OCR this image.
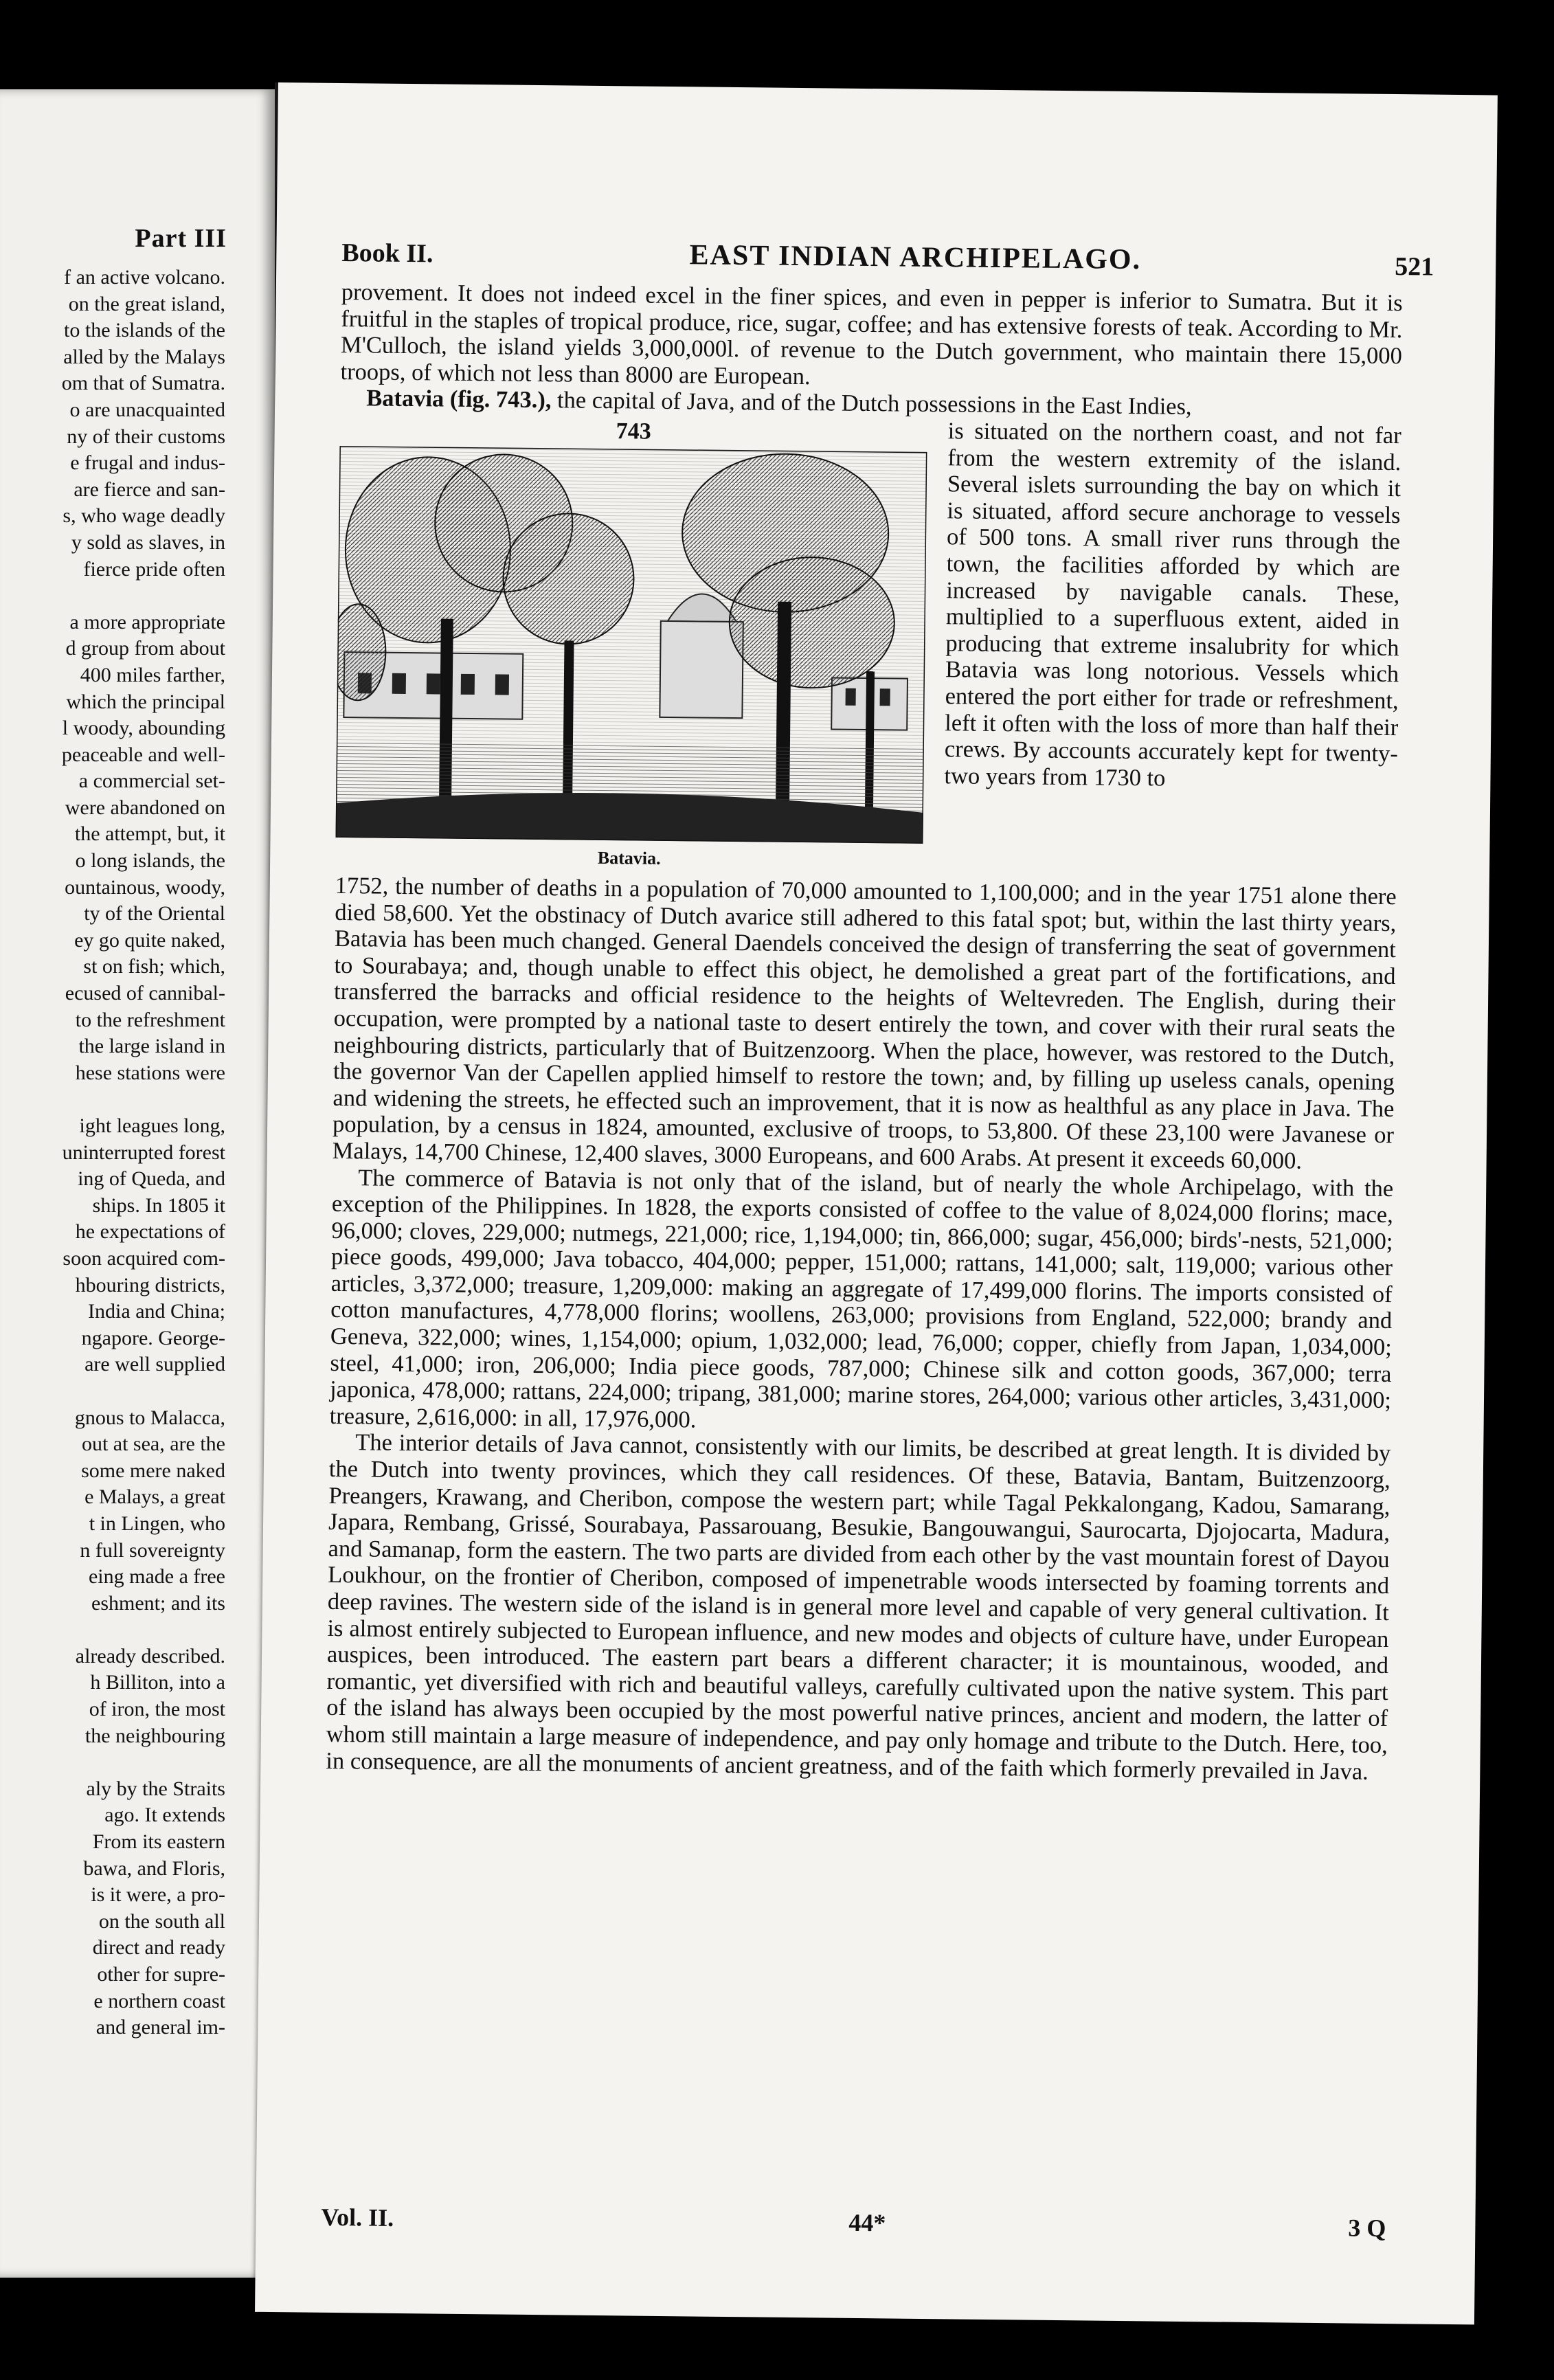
Part III
f an active volcano.
on the great island,
to the islands of the
alled by the Malays
om that of Sumatra.
o are unacquainted
ny of their customs
e frugal and indus-
are fierce and san-
s, who wage deadly
y sold as slaves, in
fierce pride often
a more appropriate
d group from about
400 miles farther,
which the principal
l woody, abounding
peaceable and well-
a commercial set-
were abandoned on
the attempt, but, it
o long islands, the
ountainous, woody,
ty of the Oriental
ey go quite naked,
st on fish; which,
ecused of cannibal-
to the refreshment
the large island in
hese stations were
ight leagues long,
uninterrupted forest
ing of Queda, and
ships. In 1805 it
he expectations of
soon acquired com-
hbouring districts,
India and China;
ngapore. George-
are well supplied
gnous to Malacca,
out at sea, are the
some mere naked
e Malays, a great
t in Lingen, who
n full sovereignty
eing made a free
eshment; and its
already described.
h Billiton, into a
of iron, the most
the neighbouring
aly by the Straits
ago. It extends
From its eastern
bawa, and Floris,
is it were, a pro-
on the south all
direct and ready
other for supre-
e northern coast
and general im-
Book II.	EAST INDIAN ARCHIPELAGO.	521

provement. It does not indeed excel in the finer spices, and even in pepper is inferior to Sumatra. But it is fruitful in the staples of tropical produce, rice, sugar, coffee; and has extensive forests of teak. According to Mr. M'Culloch, the island yields 3,000,000l. of revenue to the Dutch government, who maintain there 15,000 troops, of which not less than 8000 are European.

Batavia (fig. 743.), the capital of Java, and of the Dutch possessions in the East Indies,

743
Batavia.

is situated on the northern coast, and not far from the western extremity of the island. Several islets surrounding the bay on which it is situated, afford secure anchorage to vessels of 500 tons. A small river runs through the town, the facilities afforded by which are increased by navigable canals. These, multiplied to a superfluous extent, aided in producing that extreme insalubrity for which Batavia was long notorious. Vessels which entered the port either for trade or refreshment, left it often with the loss of more than half their crews. By accounts accurately kept for twenty-two years from 1730 to

1752, the number of deaths in a population of 70,000 amounted to 1,100,000; and in the year 1751 alone there died 58,600. Yet the obstinacy of Dutch avarice still adhered to this fatal spot; but, within the last thirty years, Batavia has been much changed. General Daendels conceived the design of transferring the seat of government to Sourabaya; and, though unable to effect this object, he demolished a great part of the fortifications, and transferred the barracks and official residence to the heights of Weltevreden. The English, during their occupation, were prompted by a national taste to desert entirely the town, and cover with their rural seats the neighbouring districts, particularly that of Buitzenzoorg. When the place, however, was restored to the Dutch, the governor Van der Capellen applied himself to restore the town; and, by filling up useless canals, opening and widening the streets, he effected such an improvement, that it is now as healthful as any place in Java. The population, by a census in 1824, amounted, exclusive of troops, to 53,800. Of these 23,100 were Javanese or Malays, 14,700 Chinese, 12,400 slaves, 3000 Europeans, and 600 Arabs. At present it exceeds 60,000.

The commerce of Batavia is not only that of the island, but of nearly the whole Archipelago, with the exception of the Philippines. In 1828, the exports consisted of coffee to the value of 8,024,000 florins; mace, 96,000; cloves, 229,000; nutmegs, 221,000; rice, 1,194,000; tin, 866,000; sugar, 456,000; birds'-nests, 521,000; piece goods, 499,000; Java tobacco, 404,000; pepper, 151,000; rattans, 141,000; salt, 119,000; various other articles, 3,372,000; treasure, 1,209,000: making an aggregate of 17,499,000 florins. The imports consisted of cotton manufactures, 4,778,000 florins; woollens, 263,000; provisions from England, 522,000; brandy and Geneva, 322,000; wines, 1,154,000; opium, 1,032,000; lead, 76,000; copper, chiefly from Japan, 1,034,000; steel, 41,000; iron, 206,000; India piece goods, 787,000; Chinese silk and cotton goods, 367,000; terra japonica, 478,000; rattans, 224,000; tripang, 381,000; marine stores, 264,000; various other articles, 3,431,000; treasure, 2,616,000: in all, 17,976,000.

The interior details of Java cannot, consistently with our limits, be described at great length. It is divided by the Dutch into twenty provinces, which they call residences. Of these, Batavia, Bantam, Buitzenzoorg, Preangers, Krawang, and Cheribon, compose the western part; while Tagal Pekkalongang, Kadou, Samarang, Japara, Rembang, Grissé, Sourabaya, Passarouang, Besukie, Bangouwangui, Saurocarta, Djojocarta, Madura, and Samanap, form the eastern. The two parts are divided from each other by the vast mountain forest of Dayou Loukhour, on the frontier of Cheribon, composed of impenetrable woods intersected by foaming torrents and deep ravines. The western side of the island is in general more level and capable of very general cultivation. It is almost entirely subjected to European influence, and new modes and objects of culture have, under European auspices, been introduced. The eastern part bears a different character; it is mountainous, wooded, and romantic, yet diversified with rich and beautiful valleys, carefully cultivated upon the native system. This part of the island has always been occupied by the most powerful native princes, ancient and modern, the latter of whom still maintain a large measure of independence, and pay only homage and tribute to the Dutch. Here, too, in consequence, are all the monuments of ancient greatness, and of the faith which formerly prevailed in Java.

Vol. II.	44*	3 Q
